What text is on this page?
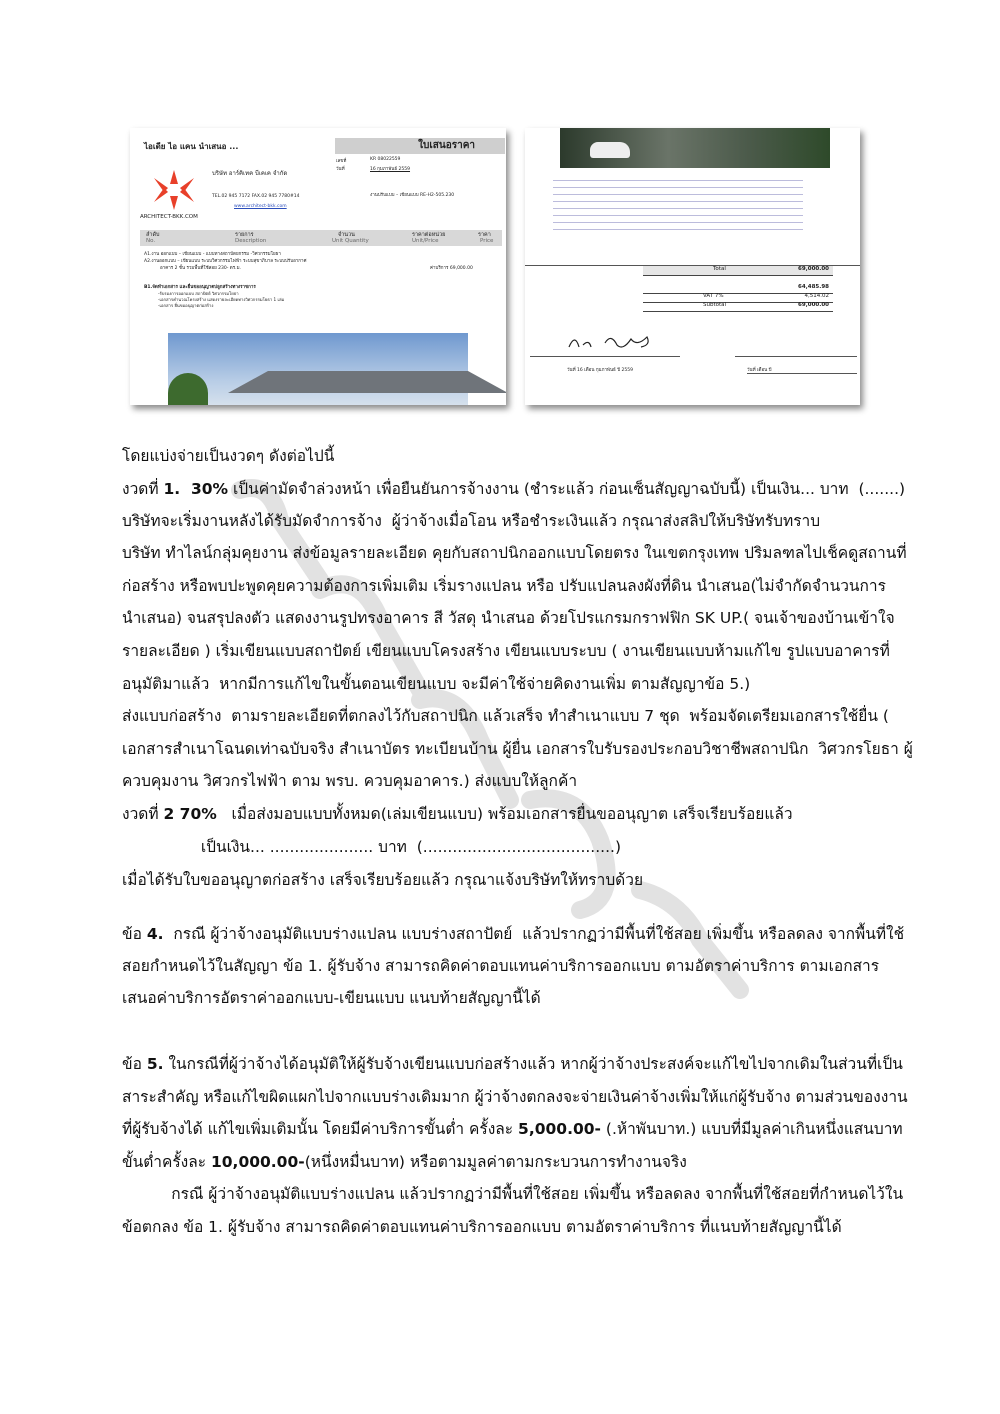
ไอเดีย ไอ แคน นำเสนอ ...	ใบเสนอราคา
ARCHITECT-BKK.COM
บริษัท อาร์คิเทค บีเคเค จำกัด
TEL.02 945 7172 FAX.02 945 7780#14
www.architect-bkk.com
เลขที่	KR 08022559
วันที่	16 กุมภาพันธ์ 2559
งานปรับแบบ – เขียนแบบ RE-H2-505.230
ลำดับ	รายการ	จำนวน	ราคาต่อหน่วย	ราคา
No.	Description	Unit Quantity	Unit/Price	Price
A1.งาน ออกแบบ – เขียนแบบ - แบบทางสถาปัตยกรรม -วิศวกรรมโยธา
A2.งานออกแบบ – เขียนแบบ ระบบวิศวกรรมไฟฟ้า ระบบสุขาภิบาล ระบบปรับอากาศ
อาคาร 2 ชั้น รวมพื้นที่ใช้สอย 230- ตร.ม.	ค่าบริการ 69,000.00
B1.จัดทำเอกสาร และยื่นขออนุญาตปลูกสร้างทางราชการ
-รับรองการออกแบบ สถาปัตย์ วิศวกรรมโยธา
-เอกสารคำนวณโครงสร้าง แสดงรายละเอียดทางวิศวกรรมโยธา 1 เล่ม
-เอกสาร ยื่นขออนุญาตก่อสร้าง
Total	69,000.00
64,485.98
VAT 7%	4,514.02
Subtotal	69,000.00
วันที่ 16 เดือน กุมภาพันธ์ ปี 2559	วันที่ เดือน ปี
โดยแบ่งจ่ายเป็นงวดๆ ดังต่อไปนี้
งวดที่ 1.  30% เป็นค่ามัดจำล่วงหน้า เพื่อยืนยันการจ้างงาน (ชำระแล้ว ก่อนเซ็นสัญญาฉบับนี้) เป็นเงิน... บาท  (.......)
บริษัทจะเริ่มงานหลังได้รับมัดจำการจ้าง  ผู้ว่าจ้างเมื่อโอน หรือชำระเงินแล้ว กรุณาส่งสลิปให้บริษัทรับทราบ
บริษัท ทำไลน์กลุ่มคุยงาน ส่งข้อมูลรายละเอียด คุยกับสถาปนิกออกแบบโดยตรง ในเขตกรุงเทพ ปริมลฑลไปเช็คดูสถานที่
ก่อสร้าง หรือพบปะพูดคุยความต้องการเพิ่มเติม เริ่มรางแปลน หรือ ปรับแปลนลงผังที่ดิน นำเสนอ(ไม่จำกัดจำนวนการ
นำเสนอ) จนสรุปลงตัว แสดงงานรูปทรงอาคาร สี วัสดุ นำเสนอ ด้วยโปรแกรมกราฟฟิก SK UP.( จนเจ้าของบ้านเข้าใจ
รายละเอียด ) เริ่มเขียนแบบสถาปัตย์ เขียนแบบโครงสร้าง เขียนแบบระบบ ( งานเขียนแบบห้ามแก้ไข รูปแบบอาคารที่
อนุมัติมาแล้ว  หากมีการแก้ไขในขั้นตอนเขียนแบบ จะมีค่าใช้จ่ายคิดงานเพิ่ม ตามสัญญาข้อ 5.)
ส่งแบบก่อสร้าง  ตามรายละเอียดที่ตกลงไว้กับสถาปนิก แล้วเสร็จ ทำสำเนาแบบ 7 ชุด  พร้อมจัดเตรียมเอกสารใช้ยื่น (
เอกสารสำเนาโฉนดเท่าฉบับจริง สำเนาบัตร ทะเบียนบ้าน ผู้ยื่น เอกสารใบรับรองประกอบวิชาชีพสถาปนิก  วิศวกรโยธา ผู้
ควบคุมงาน วิศวกรไฟฟ้า ตาม พรบ. ควบคุมอาคาร.) ส่งแบบให้ลูกค้า
งวดที่ 2 70%   เมื่อส่งมอบแบบทั้งหมด(เล่มเขียนแบบ) พร้อมเอกสารยื่นขออนุญาต เสร็จเรียบร้อยแล้ว
เป็นเงิน... ..................... บาท  (.......................................)
เมื่อได้รับใบขออนุญาตก่อสร้าง เสร็จเรียบร้อยแล้ว กรุณาแจ้งบริษัทให้ทราบด้วย
ข้อ 4.  กรณี ผู้ว่าจ้างอนุมัติแบบร่างแปลน แบบร่างสถาปัตย์  แล้วปรากฏว่ามีพื้นที่ใช้สอย เพิ่มขึ้น หรือลดลง จากพื้นที่ใช้
สอยกำหนดไว้ในสัญญา ข้อ 1. ผู้รับจ้าง สามารถคิดค่าตอบแทนค่าบริการออกแบบ ตามอัตราค่าบริการ ตามเอกสาร
เสนอค่าบริการอัตราค่าออกแบบ-เขียนแบบ แนบท้ายสัญญานี้ได้
ข้อ 5. ในกรณีที่ผู้ว่าจ้างได้อนุมัติให้ผู้รับจ้างเขียนแบบก่อสร้างแล้ว หากผู้ว่าจ้างประสงค์จะแก้ไขไปจากเดิมในส่วนที่เป็น
สาระสำคัญ หรือแก้ไขผิดแผกไปจากแบบร่างเดิมมาก ผู้ว่าจ้างตกลงจะจ่ายเงินค่าจ้างเพิ่มให้แก่ผู้รับจ้าง ตามส่วนของงาน
ที่ผู้รับจ้างได้ แก้ไขเพิ่มเติมนั้น โดยมีค่าบริการขั้นต่ำ ครั้งละ 5,000.00- (.ห้าพันบาท.) แบบที่มีมูลค่าเกินหนึ่งแสนบาท
ขั้นต่ำครั้งละ 10,000.00-(หนึ่งหมื่นบาท) หรือตามมูลค่าตามกระบวนการทำงานจริง
กรณี ผู้ว่าจ้างอนุมัติแบบร่างแปลน แล้วปรากฏว่ามีพื้นที่ใช้สอย เพิ่มขึ้น หรือลดลง จากพื้นที่ใช้สอยที่กำหนดไว้ใน
ข้อตกลง ข้อ 1. ผู้รับจ้าง สามารถคิดค่าตอบแทนค่าบริการออกแบบ ตามอัตราค่าบริการ ที่แนบท้ายสัญญานี้ได้
